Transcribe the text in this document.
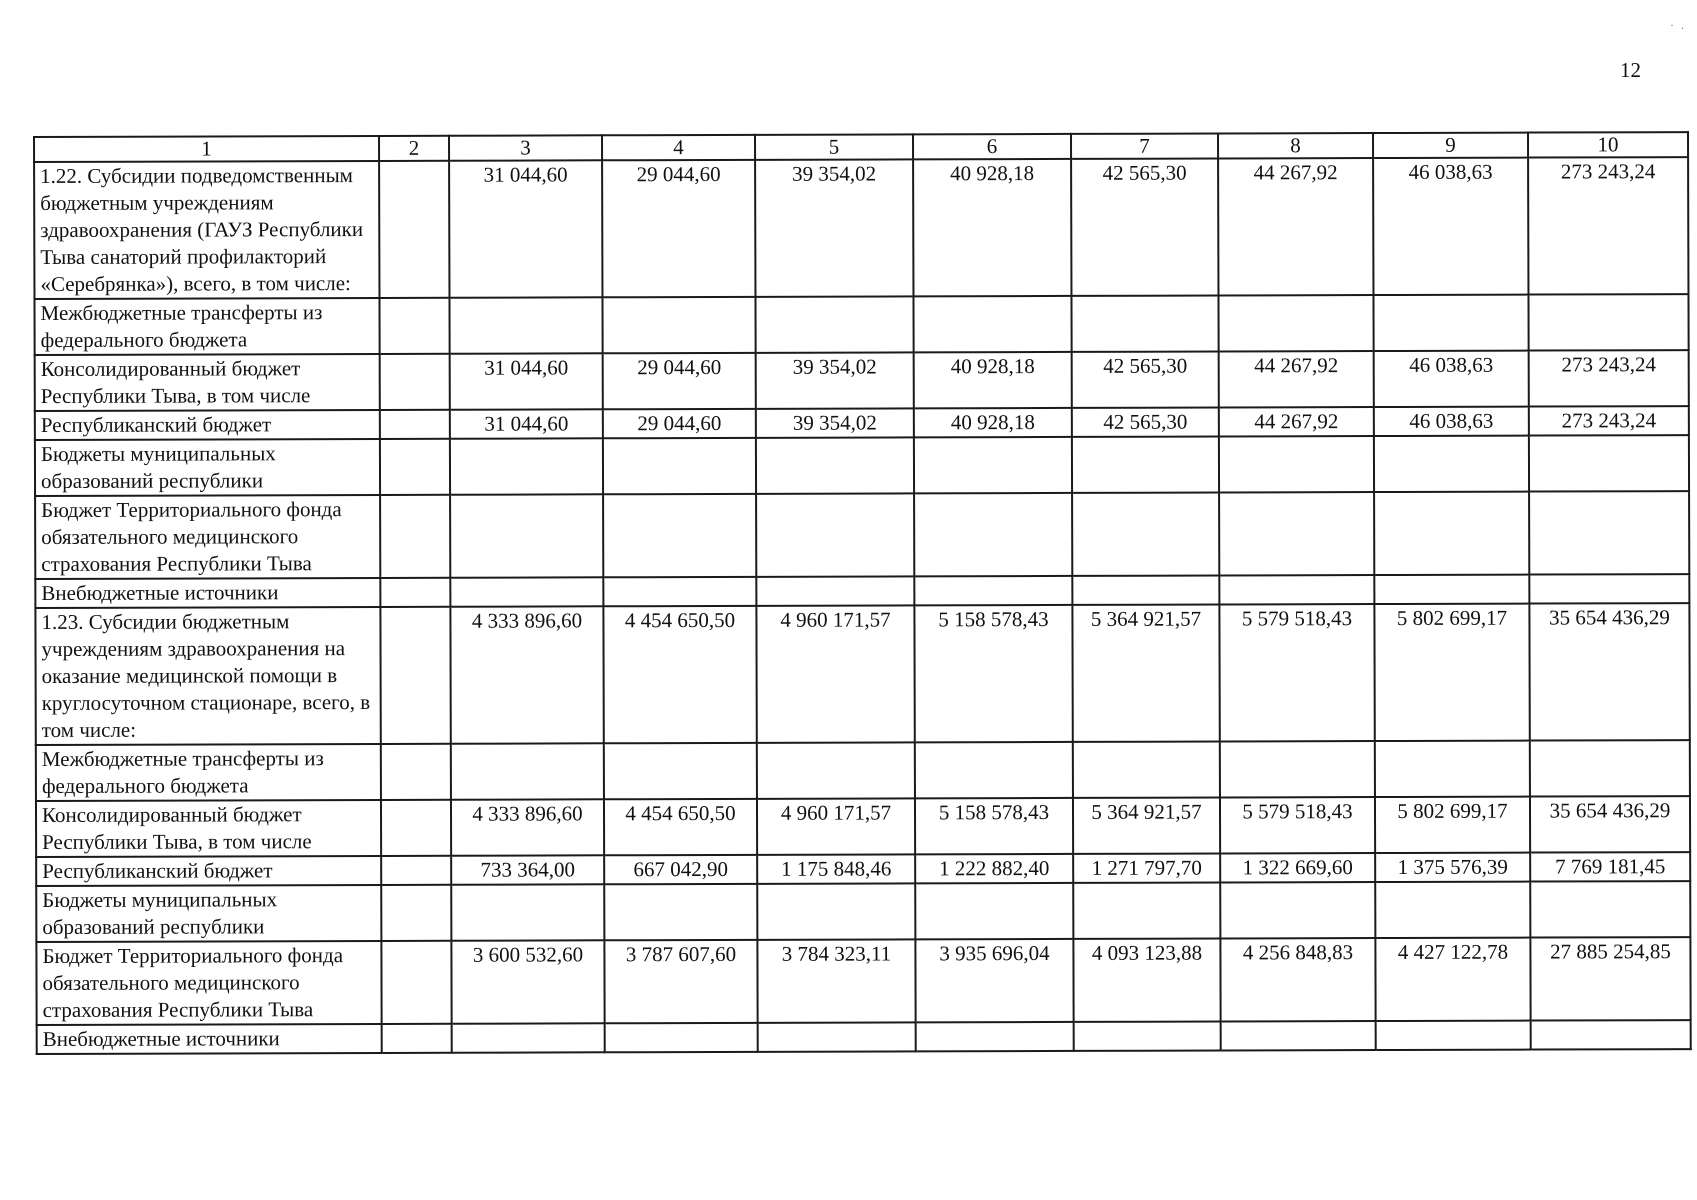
· .
12
1	2	3	4	5	6	7	8	9	10
1.22. Субсидии подведомственным бюджетным учреждениям здравоохранения (ГАУЗ Республики Тыва санаторий профилакторий «Серебрянка»), всего, в том числе:		31 044,60	29 044,60	39 354,02	40 928,18	42 565,30	44 267,92	46 038,63	273 243,24
Межбюджетные трансферты из федерального бюджета									
Консолидированный бюджет Республики Тыва, в том числе		31 044,60	29 044,60	39 354,02	40 928,18	42 565,30	44 267,92	46 038,63	273 243,24
Республиканский бюджет		31 044,60	29 044,60	39 354,02	40 928,18	42 565,30	44 267,92	46 038,63	273 243,24
Бюджеты муниципальных образований республики									
Бюджет Территориального фонда обязательного медицинского страхования Республики Тыва									
Внебюджетные источники									
1.23. Субсидии бюджетным учреждениям здравоохранения на оказание медицинской помощи в круглосуточном стационаре, всего, в том числе:		4 333 896,60	4 454 650,50	4 960 171,57	5 158 578,43	5 364 921,57	5 579 518,43	5 802 699,17	35 654 436,29
Межбюджетные трансферты из федерального бюджета									
Консолидированный бюджет Республики Тыва, в том числе		4 333 896,60	4 454 650,50	4 960 171,57	5 158 578,43	5 364 921,57	5 579 518,43	5 802 699,17	35 654 436,29
Республиканский бюджет		733 364,00	667 042,90	1 175 848,46	1 222 882,40	1 271 797,70	1 322 669,60	1 375 576,39	7 769 181,45
Бюджеты муниципальных образований республики									
Бюджет Территориального фонда обязательного медицинского страхования Республики Тыва		3 600 532,60	3 787 607,60	3 784 323,11	3 935 696,04	4 093 123,88	4 256 848,83	4 427 122,78	27 885 254,85
Внебюджетные источники									
